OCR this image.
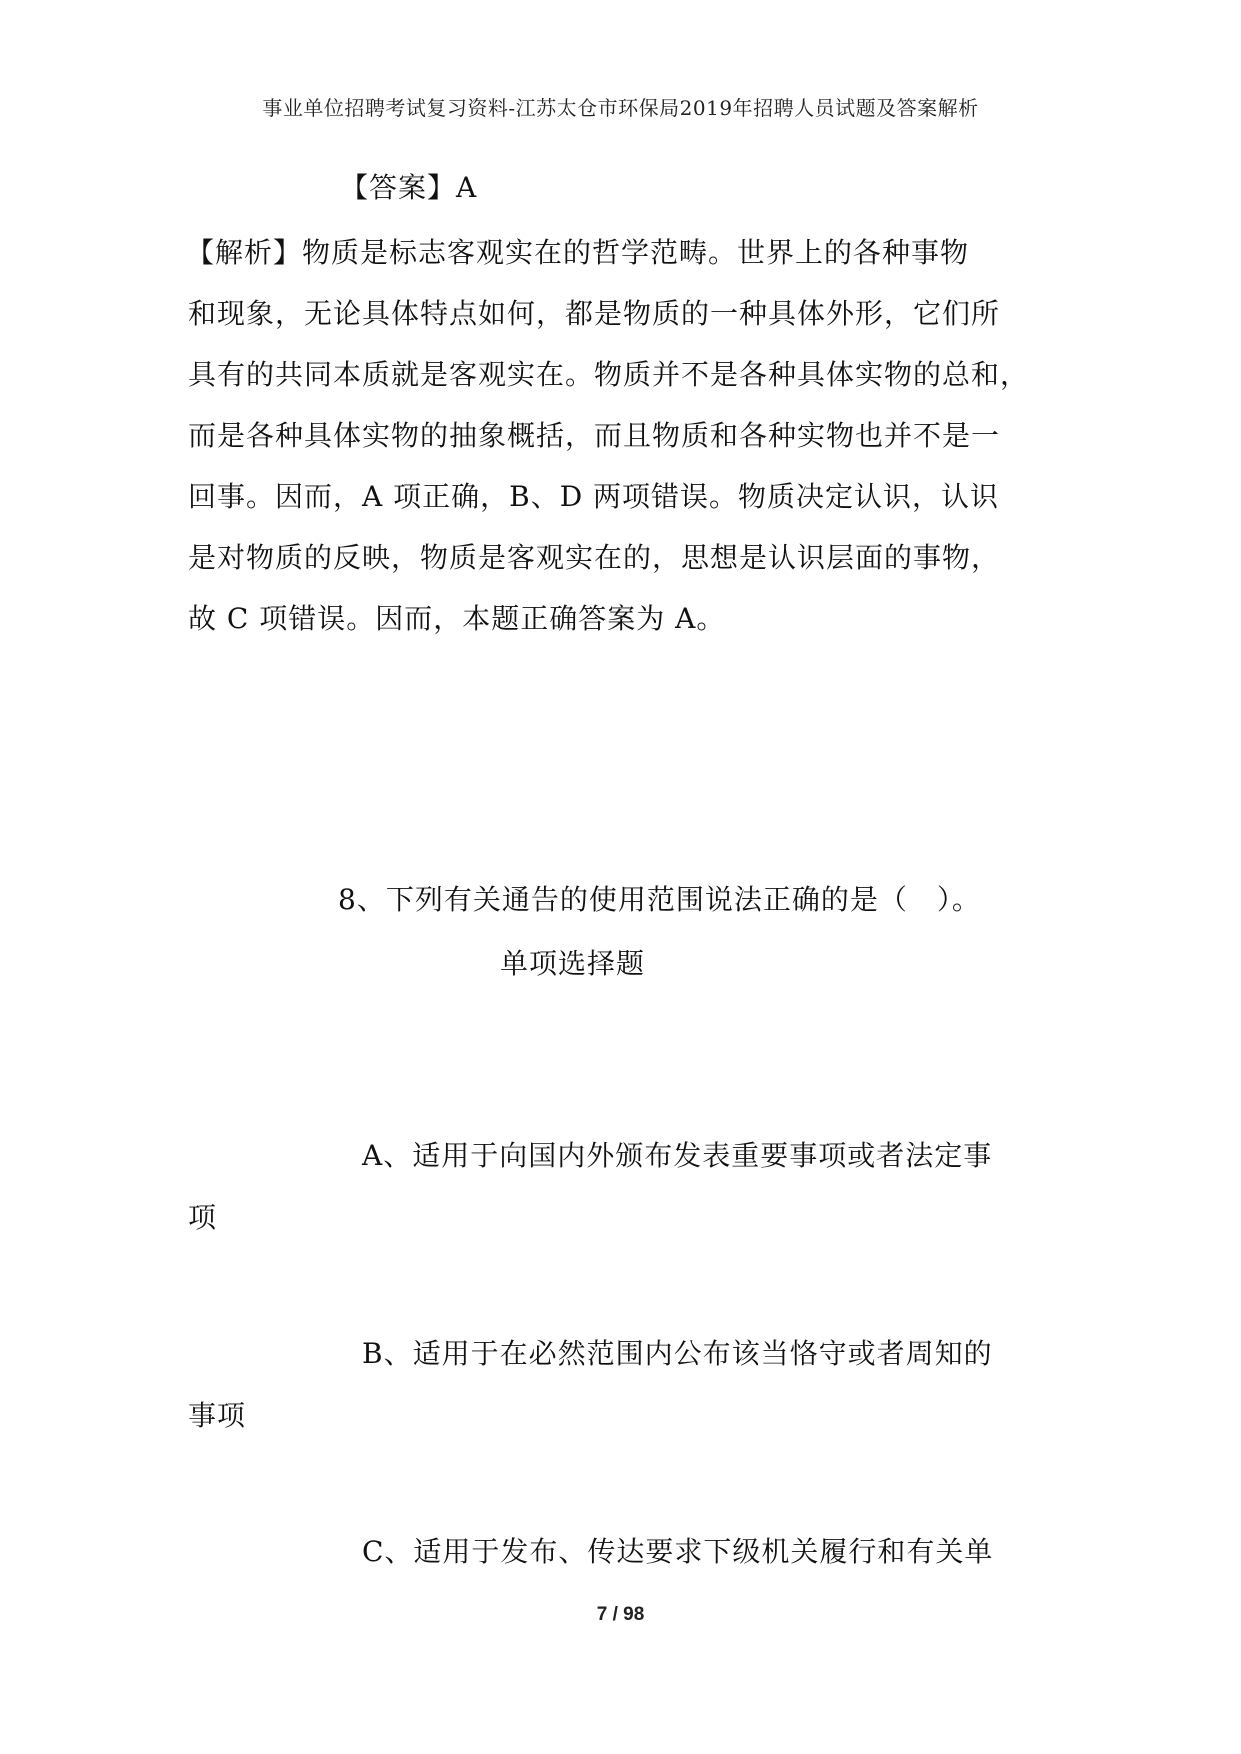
事业单位招聘考试复习资料-江苏太仓市环保局2019年招聘人员试题及答案解析
【答案】A

【解析】物质是标志客观实在的哲学范畴。世界上的各种事物

和现象，无论具体特点如何，都是物质的一种具体外形，它们所

具有的共同本质就是客观实在。物质并不是各种具体实物的总和，

而是各种具体实物的抽象概括，而且物质和各种实物也并不是一

回事。因而，A 项正确，B、D 两项错误。物质决定认识，认识

是对物质的反映，物质是客观实在的，思想是认识层面的事物，

故 C 项错误。因而，本题正确答案为 A。

8、下列有关通告的使用范围说法正确的是（　）。
单项选择题
A、适用于向国内外颁布发表重要事项或者法定事
项
B、适用于在必然范围内公布该当恪守或者周知的
事项
C、适用于发布、传达要求下级机关履行和有关单
7 / 98
